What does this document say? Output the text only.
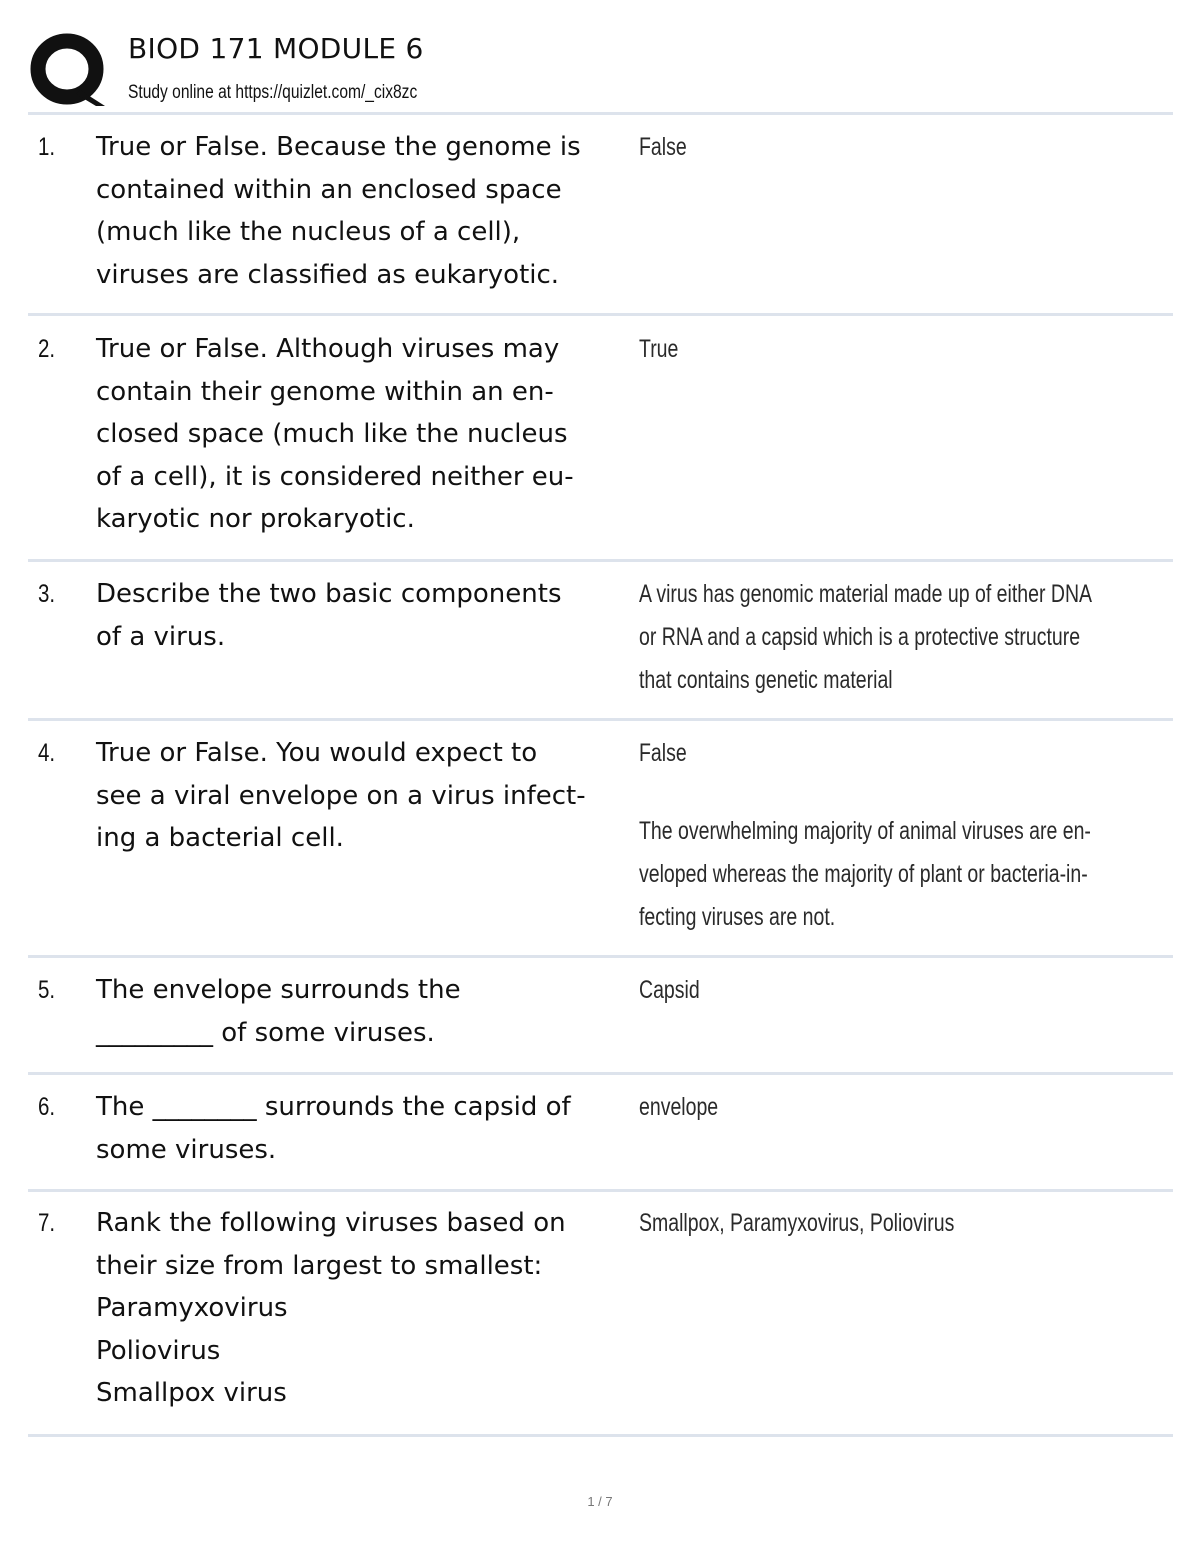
BIOD 171 MODULE 6
Study online at https://quizlet.com/_cix8zc
1. True or False. Because the genome is
contained within an enclosed space
(much like the nucleus of a cell),
viruses are classified as eukaryotic.
False
2. True or False. Although viruses may
contain their genome within an en-
closed space (much like the nucleus
of a cell), it is considered neither eu-
karyotic nor prokaryotic.
True
3. Describe the two basic components
of a virus.
A virus has genomic material made up of either DNA
or RNA and a capsid which is a protective structure
that contains genetic material
4. True or False. You would expect to
see a viral envelope on a virus infect-
ing a bacterial cell.
False
The overwhelming majority of animal viruses are en-
veloped whereas the majority of plant or bacteria-in-
fecting viruses are not.
5. The envelope surrounds the
_________ of some viruses.
Capsid
6. The ________ surrounds the capsid of
some viruses.
envelope
7. Rank the following viruses based on
their size from largest to smallest:
Paramyxovirus
Poliovirus
Smallpox virus
Smallpox, Paramyxovirus, Poliovirus
1 / 7
